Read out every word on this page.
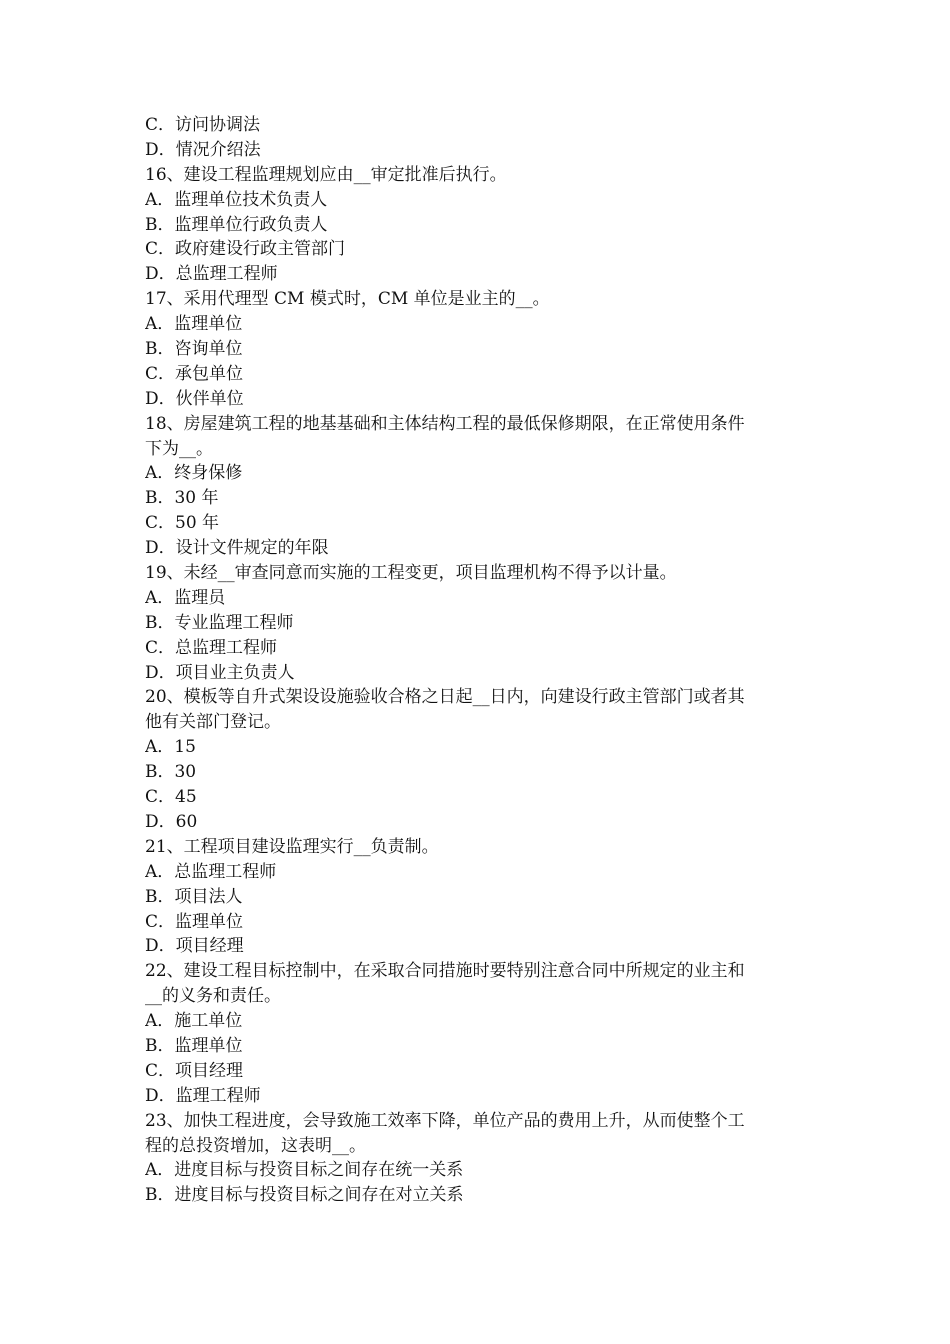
C．访问协调法
D．情况介绍法
16、建设工程监理规划应由__审定批准后执行。
A．监理单位技术负责人
B．监理单位行政负责人
C．政府建设行政主管部门
D．总监理工程师
17、采用代理型 CM 模式时，CM 单位是业主的__。
A．监理单位
B．咨询单位
C．承包单位
D．伙伴单位
18、房屋建筑工程的地基基础和主体结构工程的最低保修期限，在正常使用条件
下为__。
A．终身保修
B．30 年
C．50 年
D．设计文件规定的年限
19、未经__审查同意而实施的工程变更，项目监理机构不得予以计量。
A．监理员
B．专业监理工程师
C．总监理工程师
D．项目业主负责人
20、模板等自升式架设设施验收合格之日起__日内，向建设行政主管部门或者其
他有关部门登记。
A．15
B．30
C．45
D．60
21、工程项目建设监理实行__负责制。
A．总监理工程师
B．项目法人
C．监理单位
D．项目经理
22、建设工程目标控制中，在采取合同措施时要特别注意合同中所规定的业主和
__的义务和责任。
A．施工单位
B．监理单位
C．项目经理
D．监理工程师
23、加快工程进度，会导致施工效率下降，单位产品的费用上升，从而使整个工
程的总投资增加，这表明__。
A．进度目标与投资目标之间存在统一关系
B．进度目标与投资目标之间存在对立关系
